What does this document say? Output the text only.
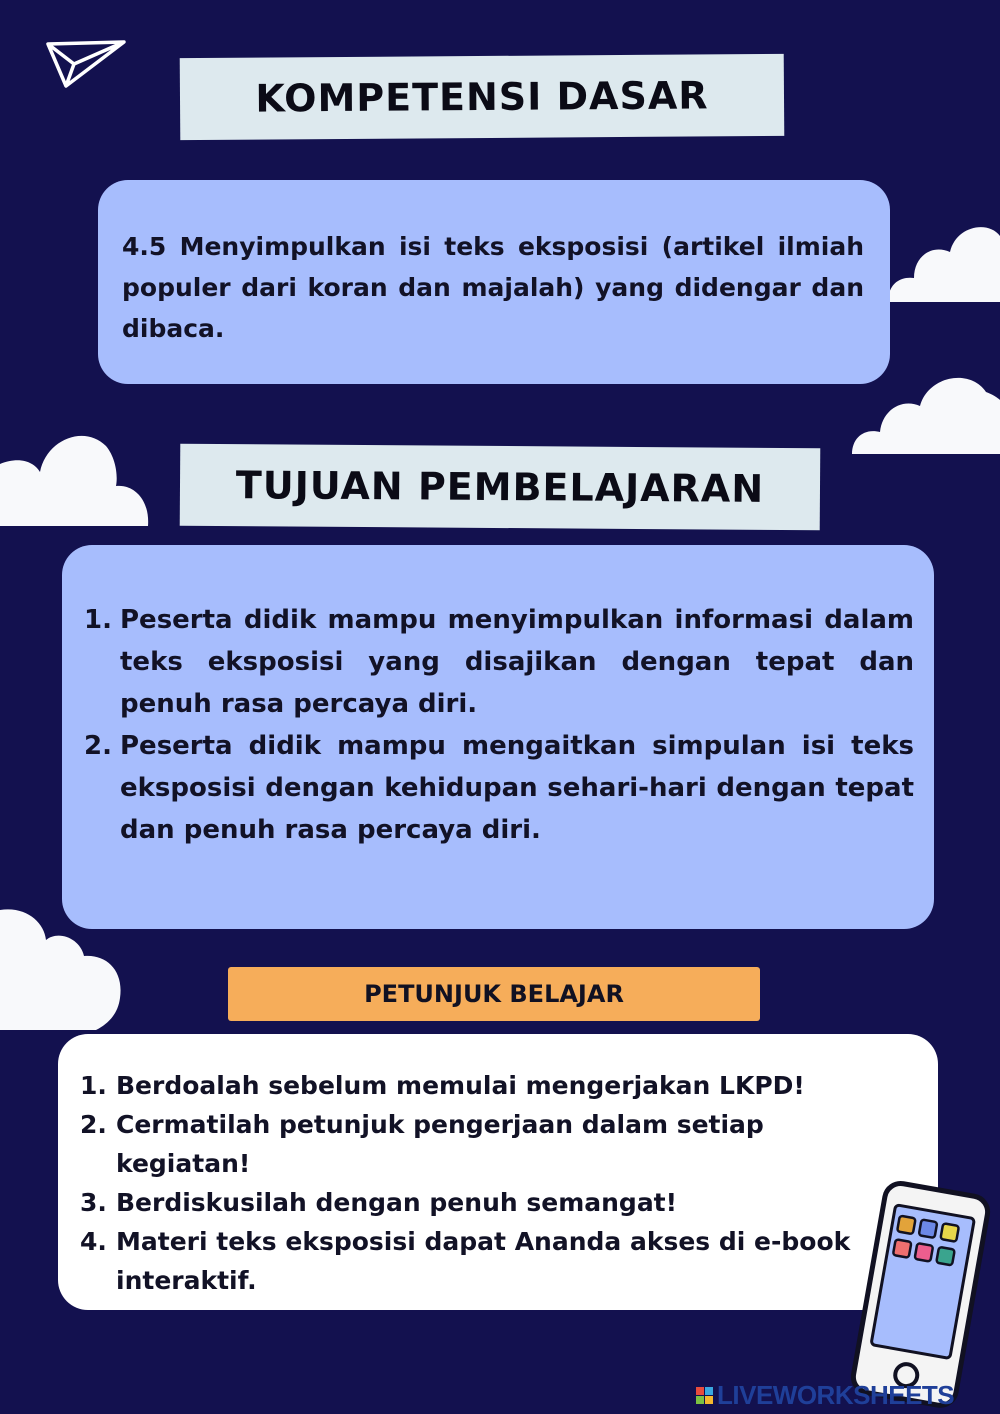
KOMPETENSI DASAR

4.5 Menyimpulkan isi teks eksposisi (artikel ilmiah populer dari koran dan majalah) yang didengar dan dibaca.

TUJUAN PEMBELAJARAN
1. Peserta didik mampu menyimpulkan informasi dalam teks eksposisi yang disajikan dengan tepat dan penuh rasa percaya diri.
2. Peserta didik mampu mengaitkan simpulan isi teks eksposisi dengan kehidupan sehari-hari dengan tepat dan penuh rasa percaya diri.
PETUNJUK BELAJAR
1. Berdoalah sebelum memulai mengerjakan LKPD!
2. Cermatilah petunjuk pengerjaan dalam setiap kegiatan!
3. Berdiskusilah dengan penuh semangat!
4. Materi teks eksposisi dapat Ananda akses di e-book interaktif.
LIVEWORKSHEETS
